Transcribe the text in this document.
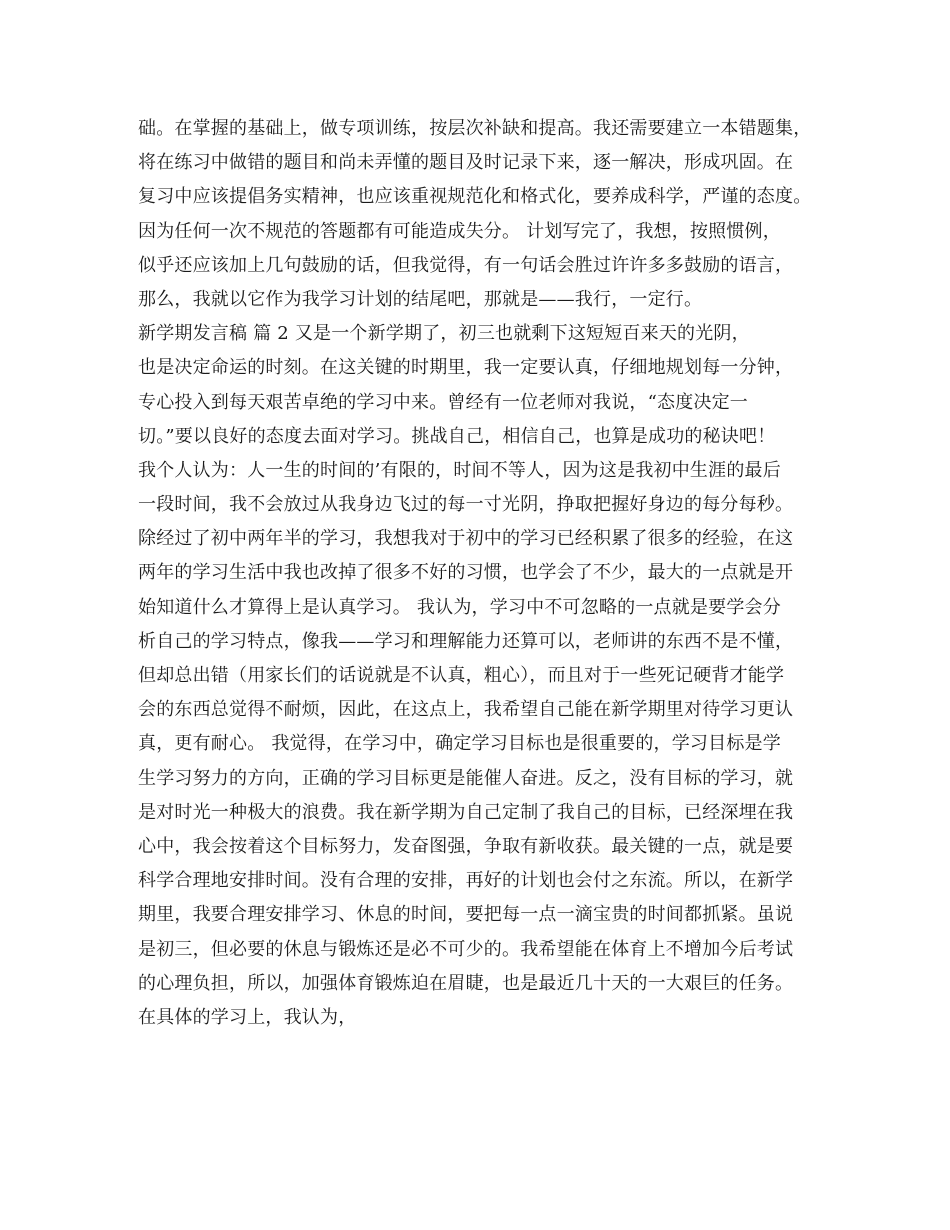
础。在掌握的基础上，做专项训练，按层次补缺和提高。我还需要建立一本错题集，
将在练习中做错的题目和尚未弄懂的题目及时记录下来，逐一解决，形成巩固。在
复习中应该提倡务实精神，也应该重视规范化和格式化，要养成科学，严谨的态度。
因为任何一次不规范的答题都有可能造成失分。 计划写完了，我想，按照惯例，
似乎还应该加上几句鼓励的话，但我觉得，有一句话会胜过许许多多鼓励的语言，
那么，我就以它作为我学习计划的结尾吧，那就是——我行，一定行。
新学期发言稿 篇 2 又是一个新学期了，初三也就剩下这短短百来天的光阴，
也是决定命运的时刻。在这关键的时期里，我一定要认真，仔细地规划每一分钟，
专心投入到每天艰苦卓绝的学习中来。曾经有一位老师对我说，“态度决定一
切。”要以良好的态度去面对学习。挑战自己，相信自己，也算是成功的秘诀吧！
我个人认为：人一生的时间的’有限的，时间不等人，因为这是我初中生涯的最后
一段时间，我不会放过从我身边飞过的每一寸光阴，挣取把握好身边的每分每秒。
除经过了初中两年半的学习，我想我对于初中的学习已经积累了很多的经验，在这
两年的学习生活中我也改掉了很多不好的习惯，也学会了不少，最大的一点就是开
始知道什么才算得上是认真学习。 我认为，学习中不可忽略的一点就是要学会分
析自己的学习特点，像我——学习和理解能力还算可以，老师讲的东西不是不懂，
但却总出错（用家长们的话说就是不认真，粗心），而且对于一些死记硬背才能学
会的东西总觉得不耐烦，因此，在这点上，我希望自己能在新学期里对待学习更认
真，更有耐心。 我觉得，在学习中，确定学习目标也是很重要的，学习目标是学
生学习努力的方向，正确的学习目标更是能催人奋进。反之，没有目标的学习，就
是对时光一种极大的浪费。我在新学期为自己定制了我自己的目标，已经深埋在我
心中，我会按着这个目标努力，发奋图强，争取有新收获。最关键的一点，就是要
科学合理地安排时间。没有合理的安排，再好的计划也会付之东流。所以，在新学
期里，我要合理安排学习、休息的时间，要把每一点一滴宝贵的时间都抓紧。虽说
是初三，但必要的休息与锻炼还是必不可少的。我希望能在体育上不增加今后考试
的心理负担，所以，加强体育锻炼迫在眉睫，也是最近几十天的一大艰巨的任务。
在具体的学习上，我认为，
